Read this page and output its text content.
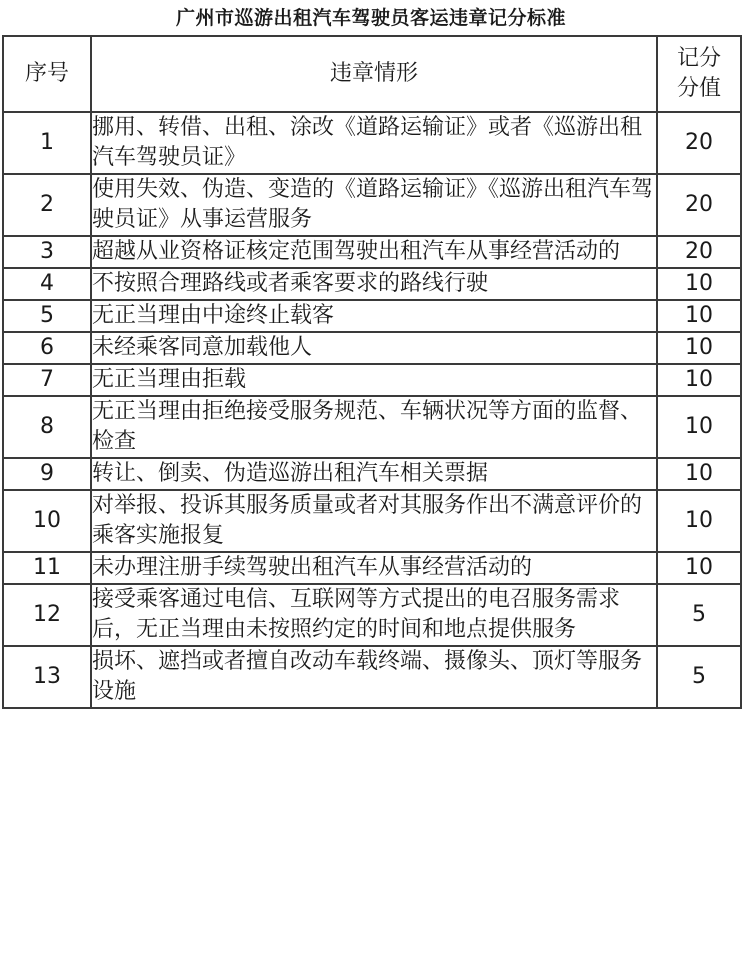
广州市巡游出租汽车驾驶员客运违章记分标准
序号	违章情形	记分
分值

1	挪用、转借、出租、涂改《道路运输证》或者《巡游出租汽车驾驶员证》	20
2	使用失效、伪造、变造的《道路运输证》《巡游出租汽车驾驶员证》从事运营服务	20
3	超越从业资格证核定范围驾驶出租汽车从事经营活动的	20
4	不按照合理路线或者乘客要求的路线行驶	10
5	无正当理由中途终止载客	10
6	未经乘客同意加载他人	10
7	无正当理由拒载	10
8	无正当理由拒绝接受服务规范、车辆状况等方面的监督、检查	10
9	转让、倒卖、伪造巡游出租汽车相关票据	10
10	对举报、投诉其服务质量或者对其服务作出不满意评价的乘客实施报复	10
11	未办理注册手续驾驶出租汽车从事经营活动的	10
12	接受乘客通过电信、互联网等方式提出的电召服务需求后，无正当理由未按照约定的时间和地点提供服务	5
13	损坏、遮挡或者擅自改动车载终端、摄像头、顶灯等服务设施	5
